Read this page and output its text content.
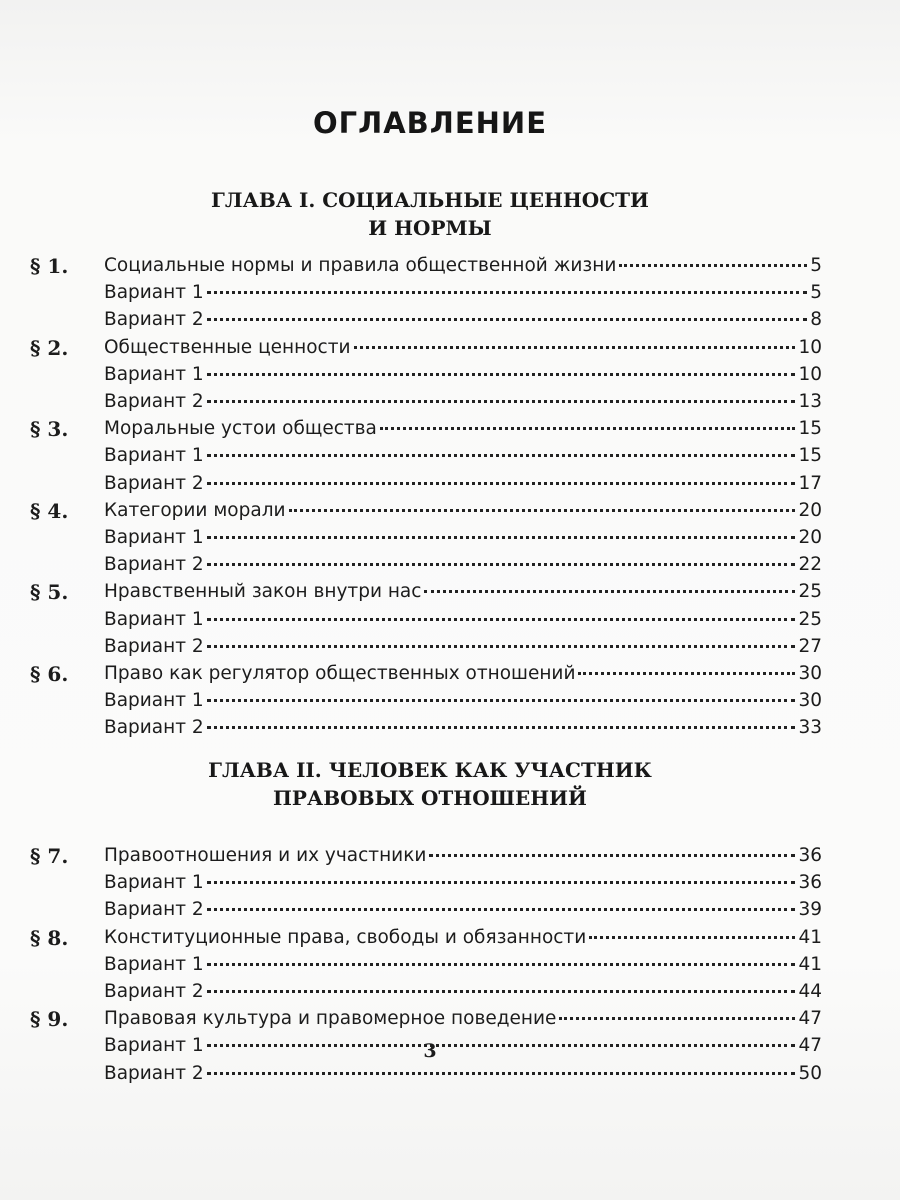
ОГЛАВЛЕНИЕ
ГЛАВА I. СОЦИАЛЬНЫЕ ЦЕННОСТИ
И НОРМЫ
§ 1. Социальные нормы и правила общественной жизни	5
Вариант 1	5
Вариант 2	8
§ 2. Общественные ценности	10
Вариант 1	10
Вариант 2	13
§ 3. Моральные устои общества	15
Вариант 1	15
Вариант 2	17
§ 4. Категории морали	20
Вариант 1	20
Вариант 2	22
§ 5. Нравственный закон внутри нас	25
Вариант 1	25
Вариант 2	27
§ 6. Право как регулятор общественных отношений	30
Вариант 1	30
Вариант 2	33
ГЛАВА II. ЧЕЛОВЕК КАК УЧАСТНИК
ПРАВОВЫХ ОТНОШЕНИЙ
§ 7. Правоотношения и их участники	36
Вариант 1	36
Вариант 2	39
§ 8. Конституционные права, свободы и обязанности	41
Вариант 1	41
Вариант 2	44
§ 9. Правовая культура и правомерное поведение	47
Вариант 1	47
Вариант 2	50
3
